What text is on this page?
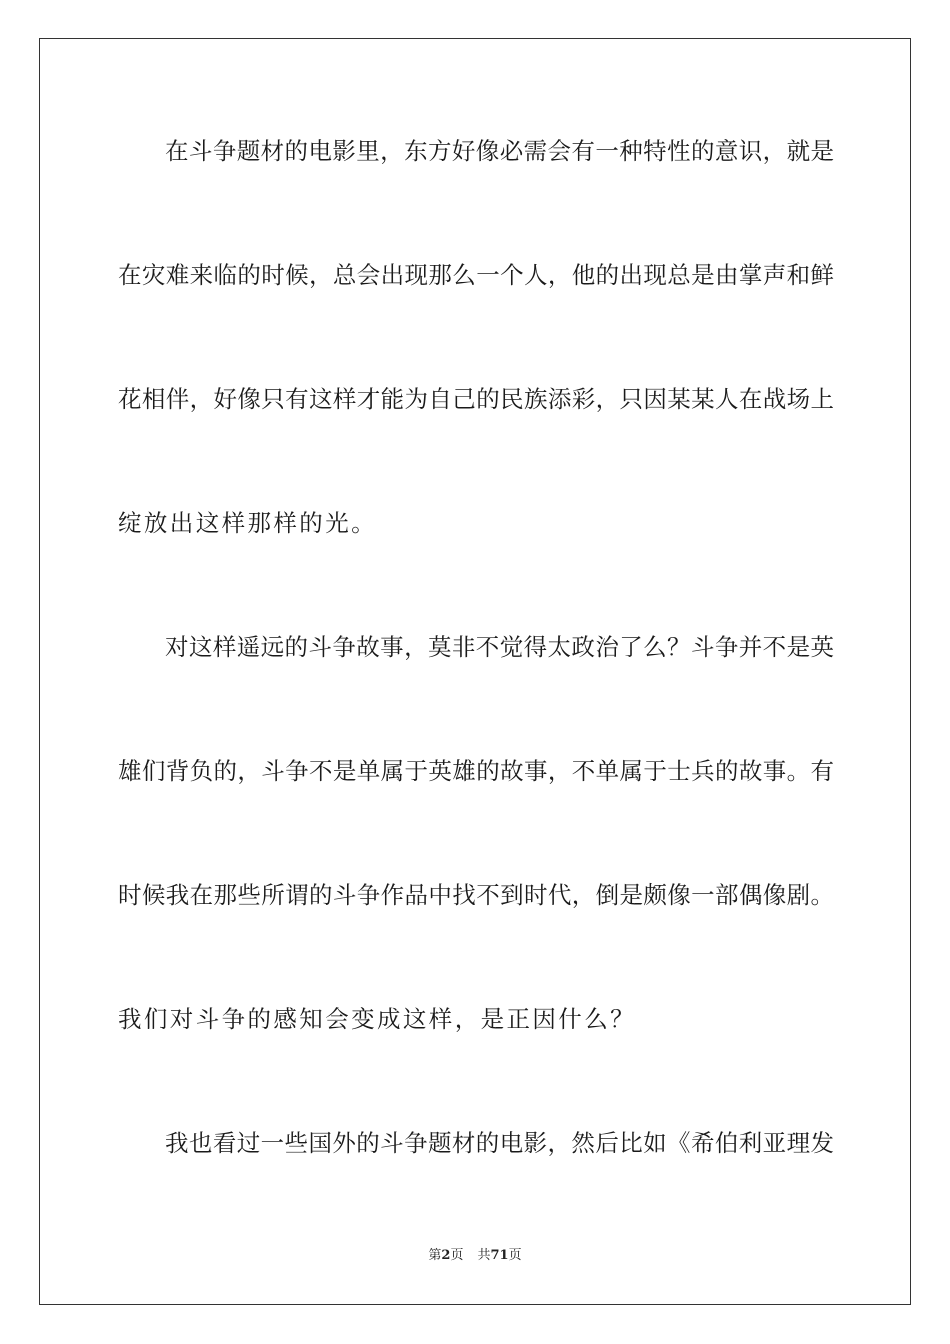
在斗争题材的电影里，东方好像必需会有一种特性的意识，就是

在灾难来临的时候，总会出现那么一个人，他的出现总是由掌声和鲜

花相伴，好像只有这样才能为自己的民族添彩，只因某某人在战场上

绽放出这样那样的光。

对这样遥远的斗争故事，莫非不觉得太政治了么？斗争并不是英

雄们背负的，斗争不是单属于英雄的故事，不单属于士兵的故事。有

时候我在那些所谓的斗争作品中找不到时代，倒是颇像一部偶像剧。

我们对斗争的感知会变成这样，是正因什么？

我也看过一些国外的斗争题材的电影，然后比如《希伯利亚理发

第2页 共71页
